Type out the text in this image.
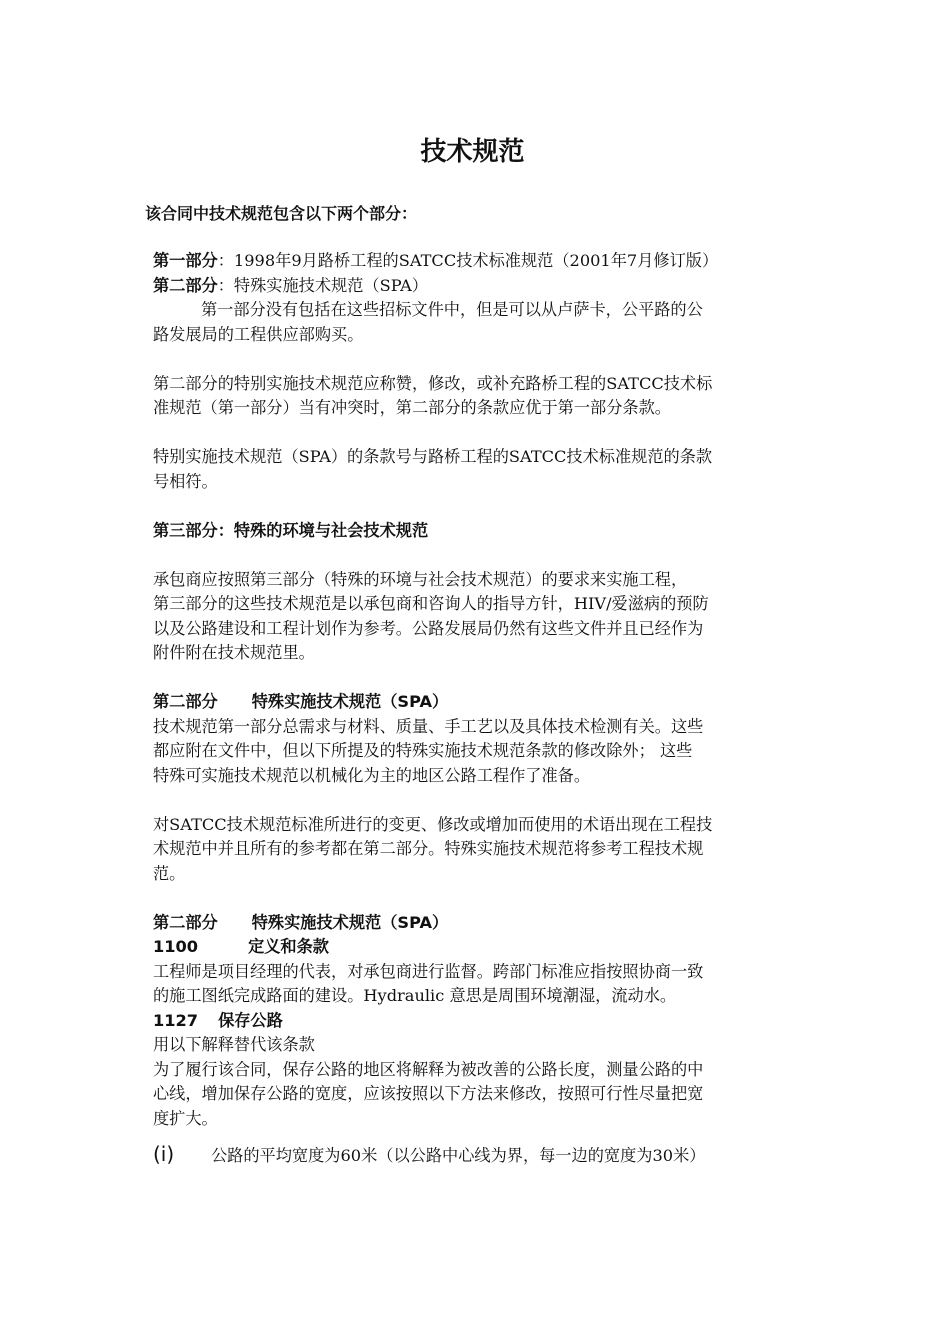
技术规范
该合同中技术规范包含以下两个部分：
第一部分：1998年9月路桥工程的SATCC技术标准规范（2001年7月修订版）
第二部分：特殊实施技术规范（SPA）
第一部分没有包括在这些招标文件中，但是可以从卢萨卡，公平路的公
路发展局的工程供应部购买。
第二部分的特别实施技术规范应称赞，修改，或补充路桥工程的SATCC技术标
准规范（第一部分）当有冲突时，第二部分的条款应优于第一部分条款。
特别实施技术规范（SPA）的条款号与路桥工程的SATCC技术标准规范的条款
号相符。
第三部分：特殊的环境与社会技术规范
承包商应按照第三部分（特殊的环境与社会技术规范）的要求来实施工程，
第三部分的这些技术规范是以承包商和咨询人的指导方针，HIV/爱滋病的预防
以及公路建设和工程计划作为参考。公路发展局仍然有这些文件并且已经作为
附件附在技术规范里。
第二部分 特殊实施技术规范（SPA）
技术规范第一部分总需求与材料、质量、手工艺以及具体技术检测有关。这些
都应附在文件中，但以下所提及的特殊实施技术规范条款的修改除外； 这些
特殊可实施技术规范以机械化为主的地区公路工程作了准备。
对SATCC技术规范标准所进行的变更、修改或增加而使用的术语出现在工程技
术规范中并且所有的参考都在第二部分。特殊实施技术规范将参考工程技术规
范。
第二部分 特殊实施技术规范（SPA）
1100	定义和条款
工程师是项目经理的代表，对承包商进行监督。跨部门标准应指按照协商一致
的施工图纸完成路面的建设。Hydraulic 意思是周围环境潮湿，流动水。
1127 保存公路
用以下解释替代该条款
为了履行该合同，保存公路的地区将解释为被改善的公路长度，测量公路的中
心线，增加保存公路的宽度，应该按照以下方法来修改，按照可行性尽量把宽
度扩大。
(i) 公路的平均宽度为60米（以公路中心线为界，每一边的宽度为30米）
